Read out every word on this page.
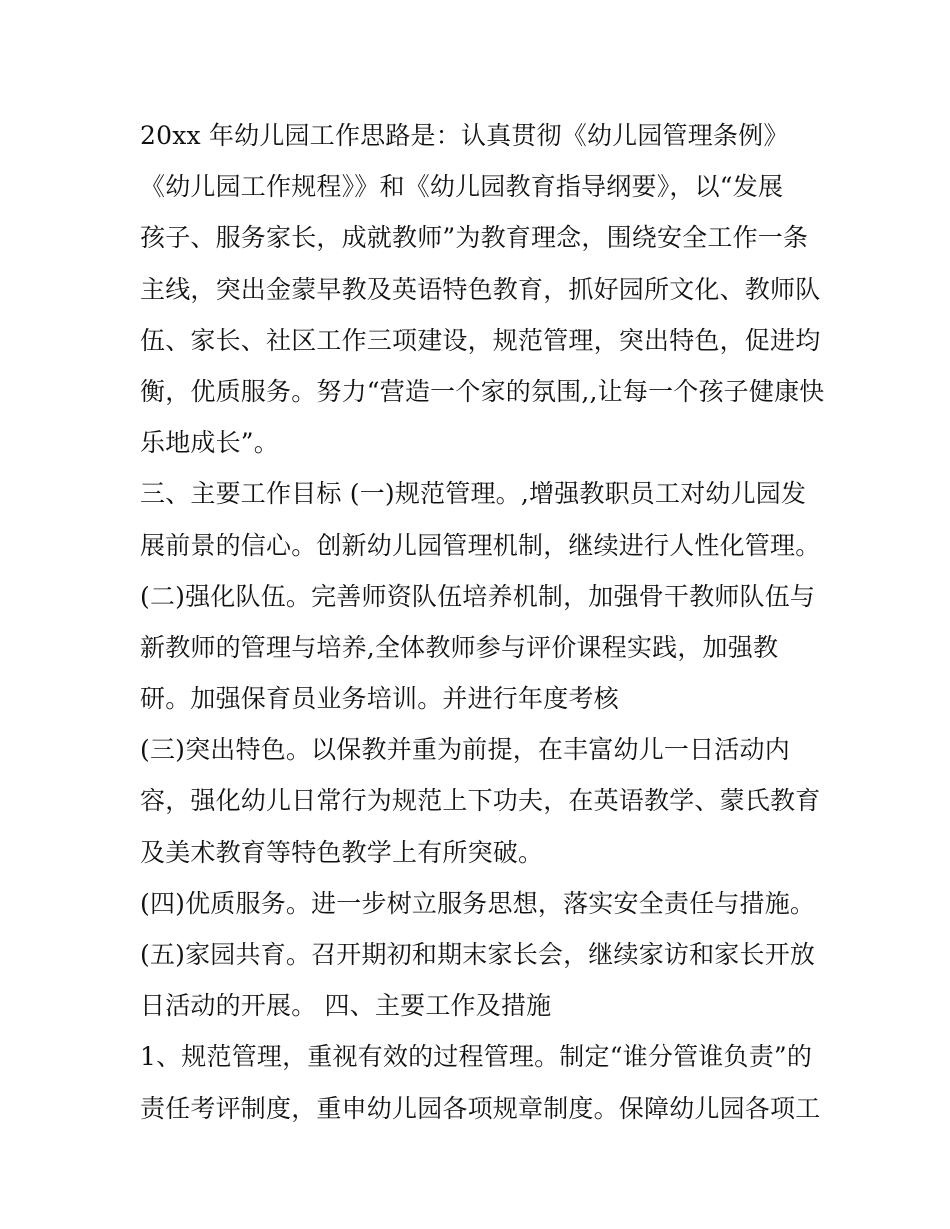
20xx 年幼儿园工作思路是：认真贯彻《幼儿园管理条例》
《幼儿园工作规程》》和《幼儿园教育指导纲要》，以“发展
孩子、服务家长，成就教师”为教育理念，围绕安全工作一条
主线，突出金蒙早教及英语特色教育，抓好园所文化、教师队
伍、家长、社区工作三项建设，规范管理，突出特色，促进均
衡，优质服务。努力“营造一个家的氛围,,让每一个孩子健康快
乐地成长”。
三、主要工作目标 (一)规范管理。,增强教职员工对幼儿园发
展前景的信心。创新幼儿园管理机制，继续进行人性化管理。
(二)强化队伍。完善师资队伍培养机制，加强骨干教师队伍与
新教师的管理与培养,全体教师参与评价课程实践，加强教
研。加强保育员业务培训。并进行年度考核
(三)突出特色。以保教并重为前提，在丰富幼儿一日活动内
容，强化幼儿日常行为规范上下功夫，在英语教学、蒙氏教育
及美术教育等特色教学上有所突破。
(四)优质服务。进一步树立服务思想，落实安全责任与措施。
(五)家园共育。召开期初和期末家长会，继续家访和家长开放
日活动的开展。 四、主要工作及措施
1、规范管理，重视有效的过程管理。制定“谁分管谁负责”的
责任考评制度，重申幼儿园各项规章制度。保障幼儿园各项工
